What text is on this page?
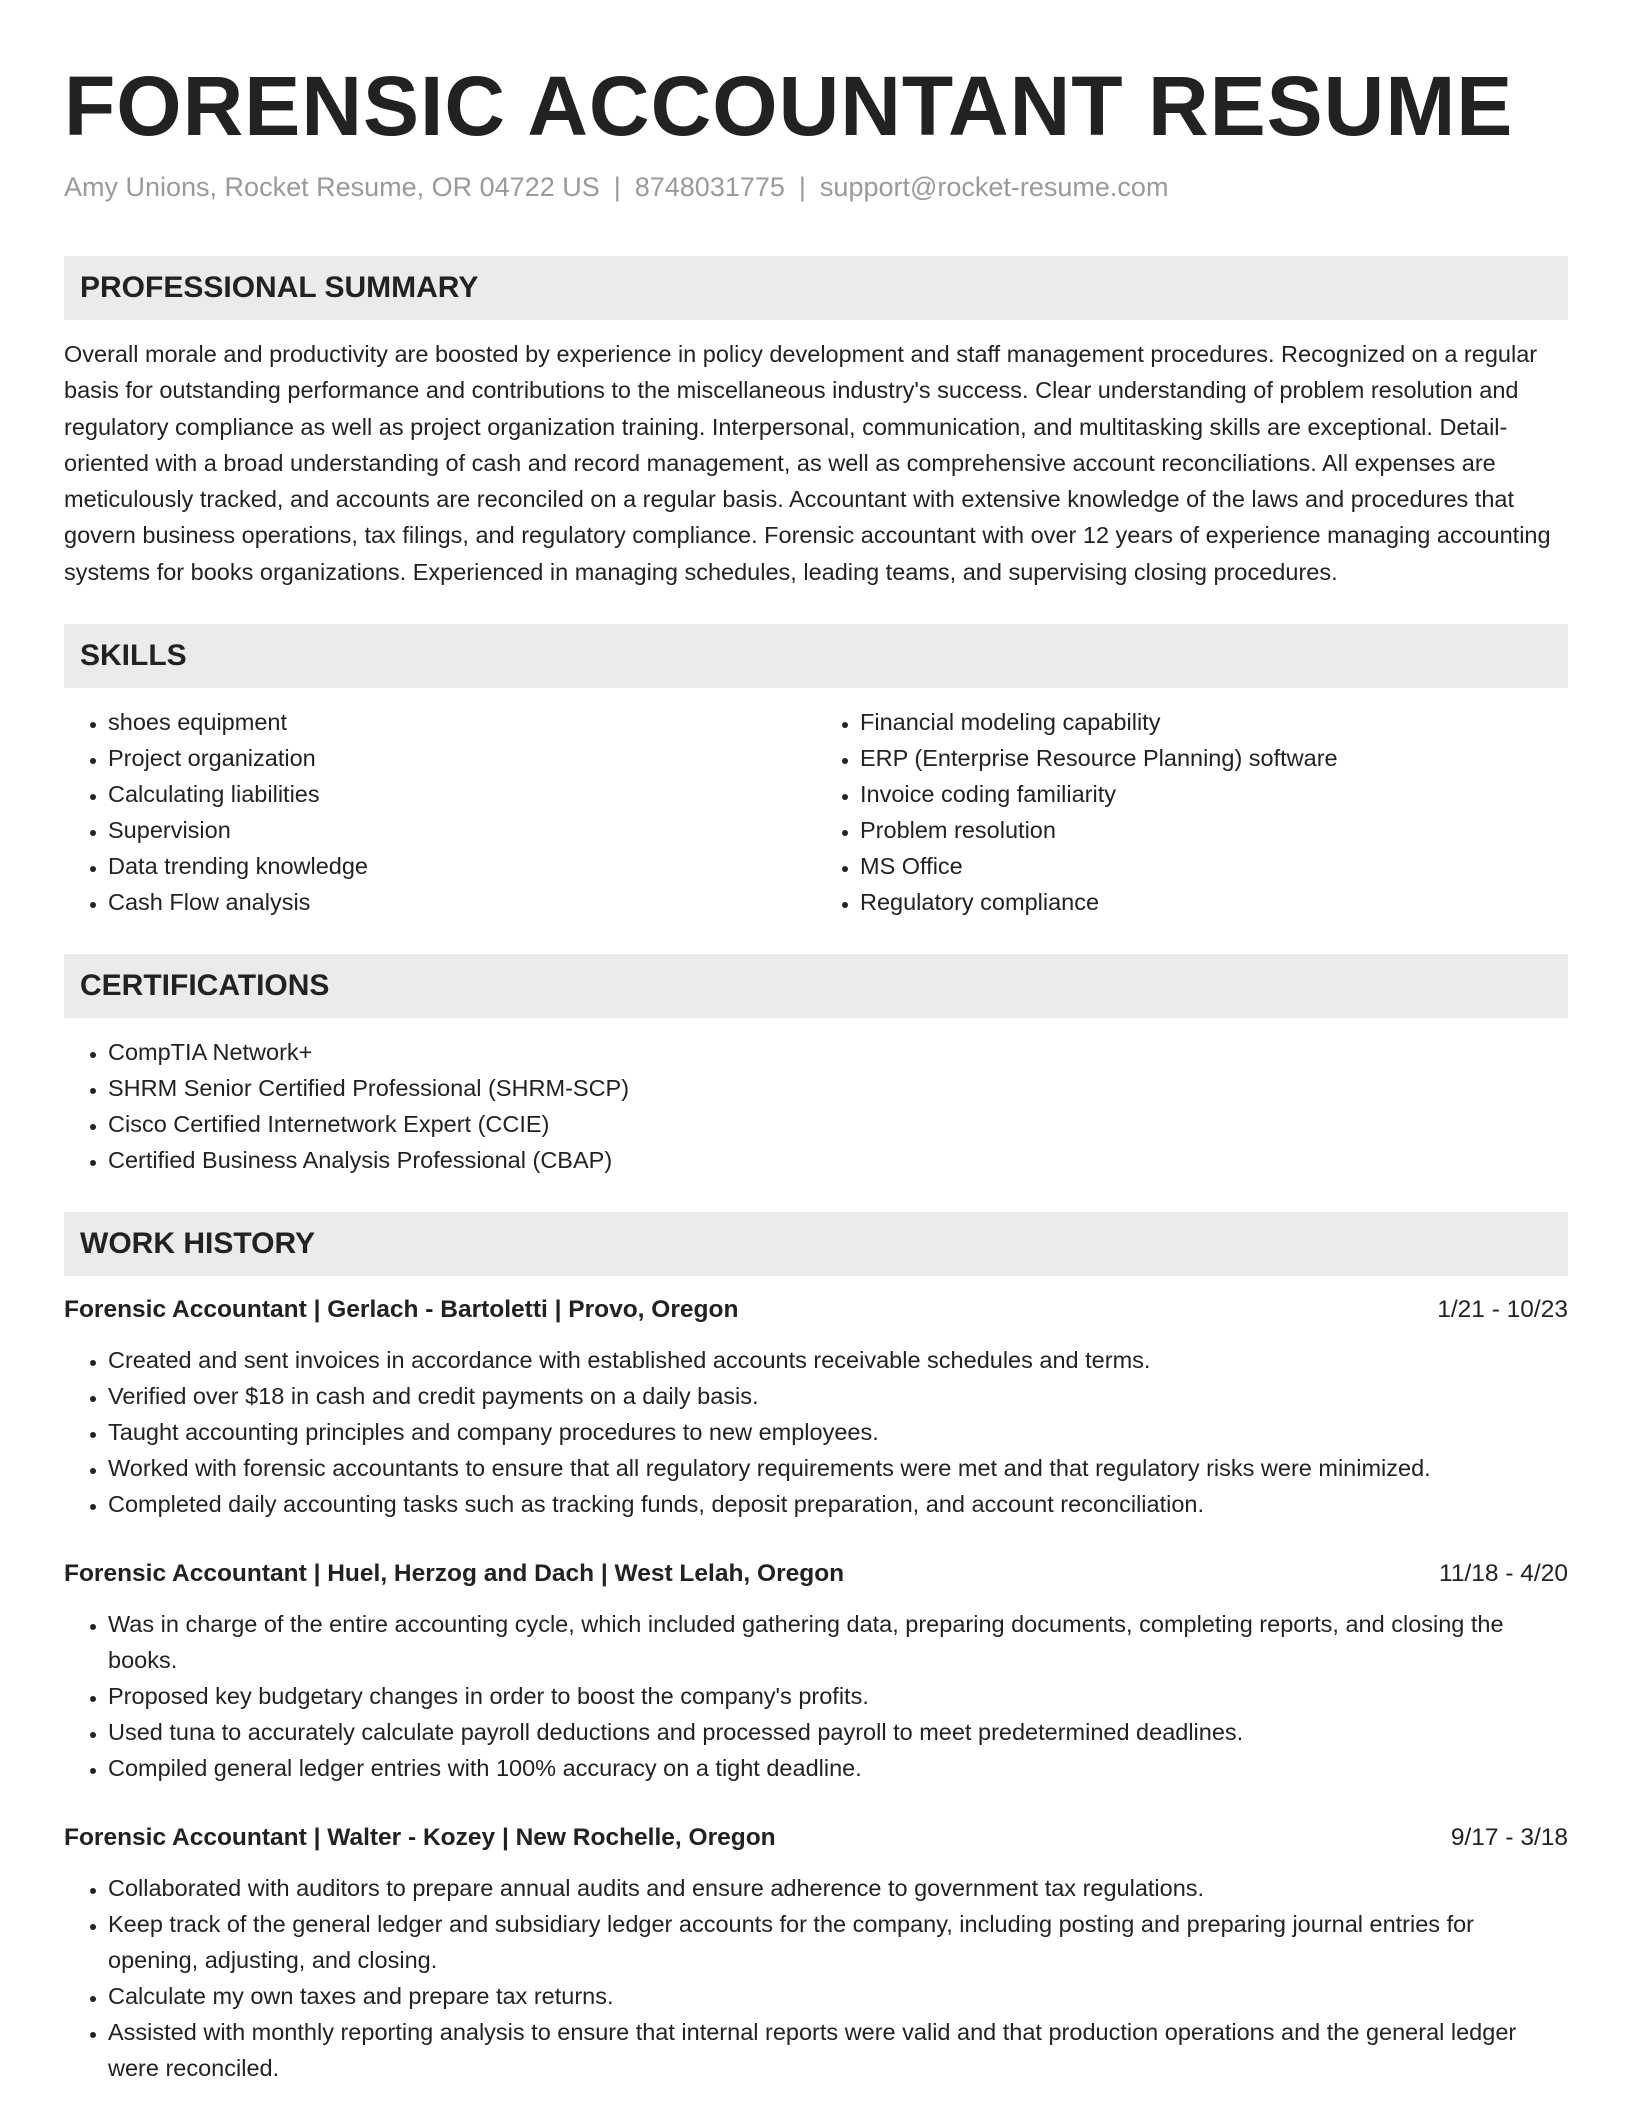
FORENSIC ACCOUNTANT RESUME
Amy Unions, Rocket Resume, OR 04722 US | 8748031775 | support@rocket-resume.com
PROFESSIONAL SUMMARY

Overall morale and productivity are boosted by experience in policy development and staff management procedures. Recognized on a regular basis for outstanding performance and contributions to the miscellaneous industry's success. Clear understanding of problem resolution and regulatory compliance as well as project organization training. Interpersonal, communication, and multitasking skills are exceptional. Detail-oriented with a broad understanding of cash and record management, as well as comprehensive account reconciliations. All expenses are meticulously tracked, and accounts are reconciled on a regular basis. Accountant with extensive knowledge of the laws and procedures that govern business operations, tax filings, and regulatory compliance. Forensic accountant with over 12 years of experience managing accounting systems for books organizations. Experienced in managing schedules, leading teams, and supervising closing procedures.

SKILLS
• shoes equipment
• Project organization
• Calculating liabilities
• Supervision
• Data trending knowledge
• Cash Flow analysis
• Financial modeling capability
• ERP (Enterprise Resource Planning) software
• Invoice coding familiarity
• Problem resolution
• MS Office
• Regulatory compliance
CERTIFICATIONS
• CompTIA Network+
• SHRM Senior Certified Professional (SHRM-SCP)
• Cisco Certified Internetwork Expert (CCIE)
• Certified Business Analysis Professional (CBAP)
WORK HISTORY
Forensic Accountant | Gerlach - Bartoletti | Provo, Oregon	1/21 - 10/23
• Created and sent invoices in accordance with established accounts receivable schedules and terms.
• Verified over $18 in cash and credit payments on a daily basis.
• Taught accounting principles and company procedures to new employees.
• Worked with forensic accountants to ensure that all regulatory requirements were met and that regulatory risks were minimized.
• Completed daily accounting tasks such as tracking funds, deposit preparation, and account reconciliation.
Forensic Accountant | Huel, Herzog and Dach | West Lelah, Oregon	11/18 - 4/20
• Was in charge of the entire accounting cycle, which included gathering data, preparing documents, completing reports, and closing the books.
• Proposed key budgetary changes in order to boost the company's profits.
• Used tuna to accurately calculate payroll deductions and processed payroll to meet predetermined deadlines.
• Compiled general ledger entries with 100% accuracy on a tight deadline.
Forensic Accountant | Walter - Kozey | New Rochelle, Oregon	9/17 - 3/18
• Collaborated with auditors to prepare annual audits and ensure adherence to government tax regulations.
• Keep track of the general ledger and subsidiary ledger accounts for the company, including posting and preparing journal entries for opening, adjusting, and closing.
• Calculate my own taxes and prepare tax returns.
• Assisted with monthly reporting analysis to ensure that internal reports were valid and that production operations and the general ledger were reconciled.
